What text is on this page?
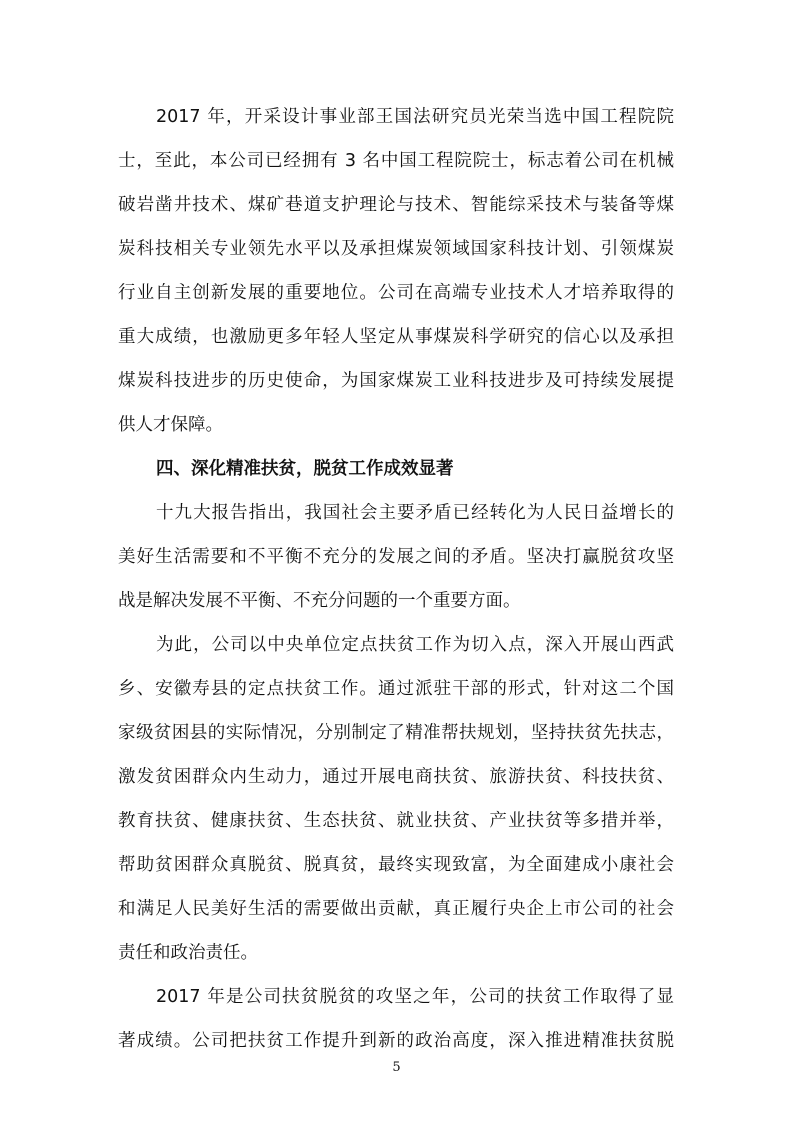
2017 年，开采设计事业部王国法研究员光荣当选中国工程院院
士，至此，本公司已经拥有 3 名中国工程院院士，标志着公司在机械
破岩凿井技术、煤矿巷道支护理论与技术、智能综采技术与装备等煤
炭科技相关专业领先水平以及承担煤炭领域国家科技计划、引领煤炭
行业自主创新发展的重要地位。公司在高端专业技术人才培养取得的
重大成绩，也激励更多年轻人坚定从事煤炭科学研究的信心以及承担
煤炭科技进步的历史使命，为国家煤炭工业科技进步及可持续发展提
供人才保障。
四、深化精准扶贫，脱贫工作成效显著
十九大报告指出，我国社会主要矛盾已经转化为人民日益增长的
美好生活需要和不平衡不充分的发展之间的矛盾。坚决打赢脱贫攻坚
战是解决发展不平衡、不充分问题的一个重要方面。
为此，公司以中央单位定点扶贫工作为切入点，深入开展山西武
乡、安徽寿县的定点扶贫工作。通过派驻干部的形式，针对这二个国
家级贫困县的实际情况，分别制定了精准帮扶规划，坚持扶贫先扶志，
激发贫困群众内生动力，通过开展电商扶贫、旅游扶贫、科技扶贫、
教育扶贫、健康扶贫、生态扶贫、就业扶贫、产业扶贫等多措并举，
帮助贫困群众真脱贫、脱真贫，最终实现致富，为全面建成小康社会
和满足人民美好生活的需要做出贡献，真正履行央企上市公司的社会
责任和政治责任。
2017 年是公司扶贫脱贫的攻坚之年，公司的扶贫工作取得了显
著成绩。公司把扶贫工作提升到新的政治高度，深入推进精准扶贫脱
5
